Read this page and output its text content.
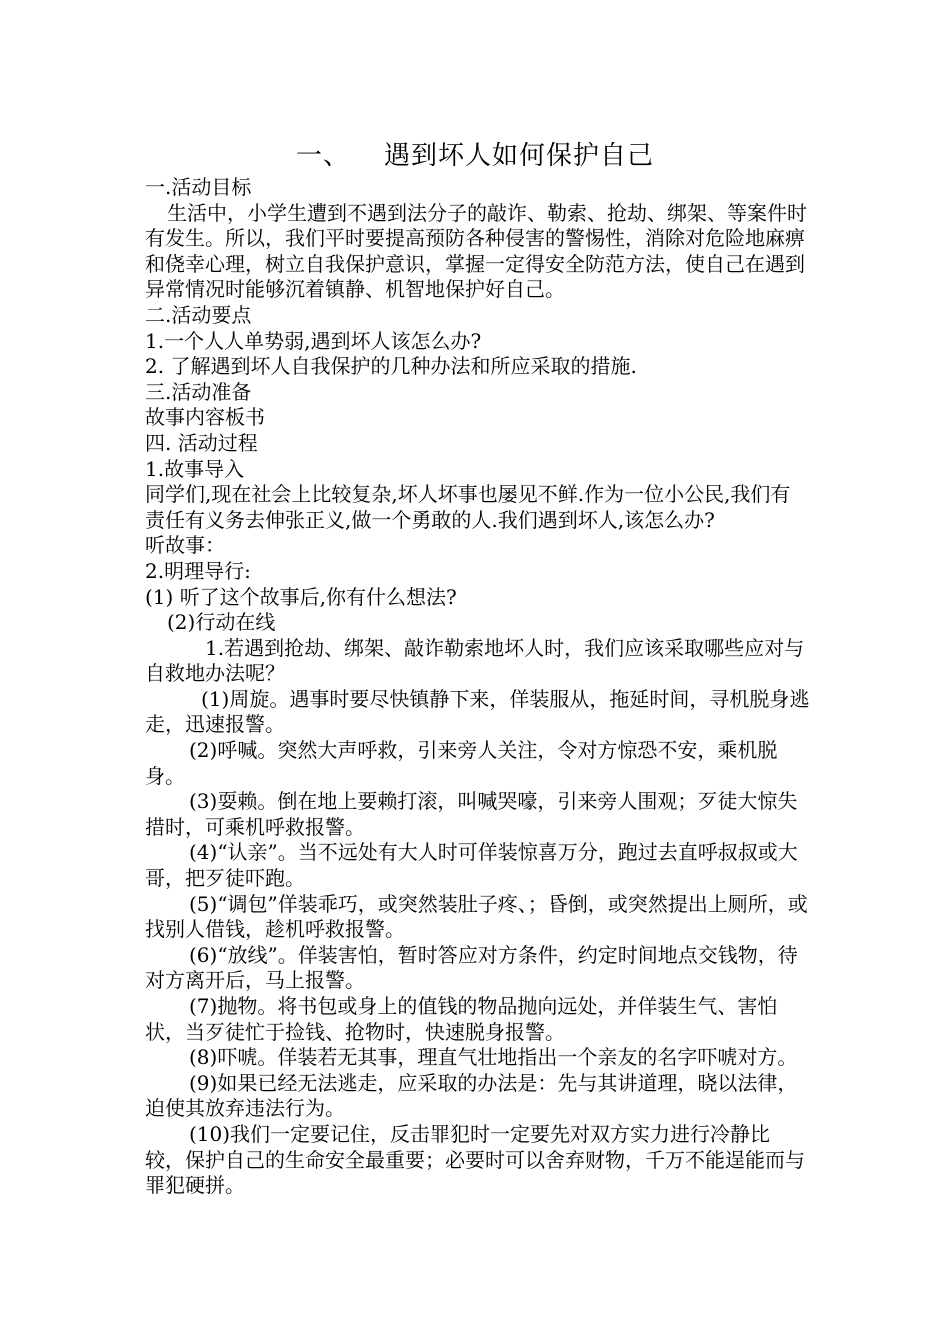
一、 遇到坏人如何保护自己

一.活动目标

生活中，小学生遭到不遇到法分子的敲诈、勒索、抢劫、绑架、等案件时有发生。所以，我们平时要提高预防各种侵害的警惕性，消除对危险地麻痹和侥幸心理，树立自我保护意识，掌握一定得安全防范方法，使自己在遇到异常情况时能够沉着镇静、机智地保护好自己。

二.活动要点

1.一个人人单势弱,遇到坏人该怎么办?

2. 了解遇到坏人自我保护的几种办法和所应采取的措施.

三.活动准备

故事内容板书

四. 活动过程

1.故事导入

同学们,现在社会上比较复杂,坏人坏事也屡见不鲜.作为一位小公民,我们有责任有义务去伸张正义,做一个勇敢的人.我们遇到坏人,该怎么办?

听故事：

2.明理导行:

(1) 听了这个故事后,你有什么想法?

(2)行动在线

1.若遇到抢劫、绑架、敲诈勒索地坏人时，我们应该采取哪些应对与自救地办法呢？

(1)周旋。遇事时要尽快镇静下来，佯装服从，拖延时间，寻机脱身逃走，迅速报警。

(2)呼喊。突然大声呼救，引来旁人关注，令对方惊恐不安，乘机脱身。

(3)耍赖。倒在地上要赖打滚，叫喊哭嚎，引来旁人围观；歹徒大惊失措时，可乘机呼救报警。

(4)“认亲”。当不远处有大人时可佯装惊喜万分，跑过去直呼叔叔或大哥，把歹徒吓跑。

(5)“调包”佯装乖巧，或突然装肚子疼、；昏倒，或突然提出上厕所，或找别人借钱，趁机呼救报警。

(6)“放线”。佯装害怕，暂时答应对方条件，约定时间地点交钱物，待对方离开后，马上报警。

(7)抛物。将书包或身上的值钱的物品抛向远处，并佯装生气、害怕状，当歹徒忙于捡钱、抢物时，快速脱身报警。

(8)吓唬。佯装若无其事，理直气壮地指出一个亲友的名字吓唬对方。

(9)如果已经无法逃走，应采取的办法是：先与其讲道理，晓以法律，迫使其放弃违法行为。

(10)我们一定要记住，反击罪犯时一定要先对双方实力进行冷静比较，保护自己的生命安全最重要；必要时可以舍弃财物，千万不能逞能而与罪犯硬拼。
